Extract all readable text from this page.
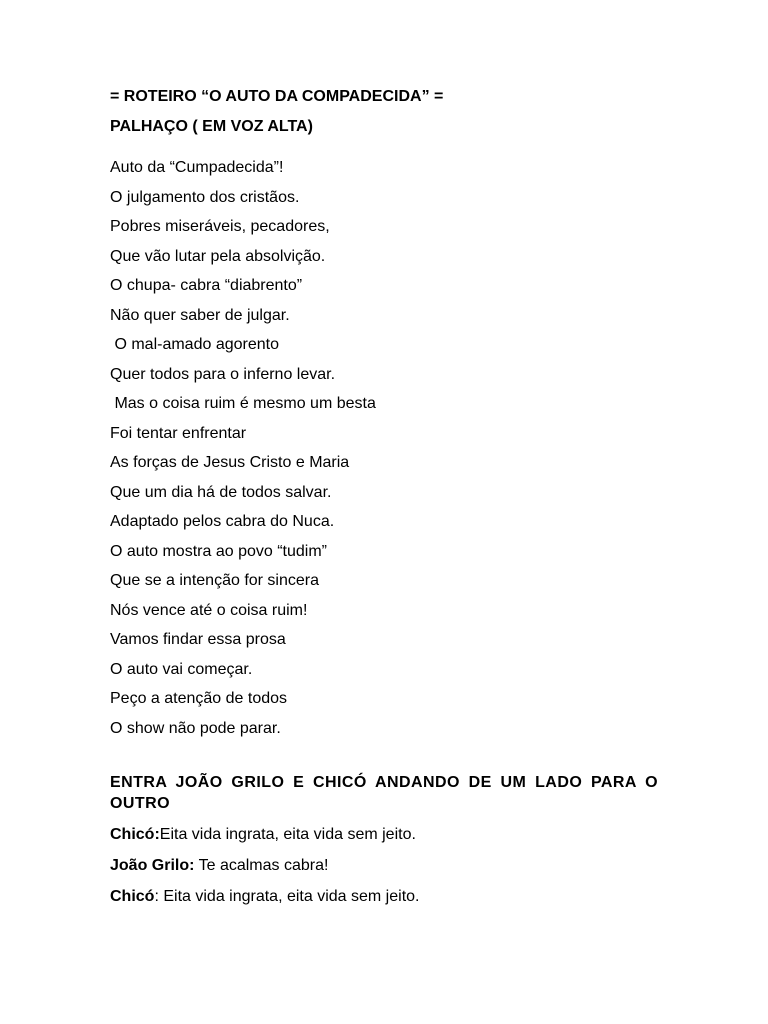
= ROTEIRO “O AUTO DA COMPADECIDA” =
PALHAÇO ( EM VOZ ALTA)
Auto da “Cumpadecida”!
O julgamento dos cristãos.
Pobres miseráveis, pecadores,
Que vão lutar pela absolvição.
O chupa- cabra “diabrento”
Não quer saber de julgar.
O mal-amado agorento
Quer todos para o inferno levar.
Mas o coisa ruim é mesmo um besta
Foi tentar enfrentar
As forças de Jesus Cristo e Maria
Que um dia há de todos salvar.
Adaptado pelos cabra do Nuca.
O auto mostra ao povo “tudim”
Que se a intenção for sincera
Nós vence até o coisa ruim!
Vamos findar essa prosa
O auto vai começar.
Peço a atenção de todos
O show não pode parar.
ENTRA JOÃO GRILO E CHICÓ ANDANDO DE UM LADO PARA O OUTRO
Chicó:Eita vida ingrata, eita vida sem jeito.
João Grilo: Te acalmas cabra!
Chicó: Eita vida ingrata, eita vida sem jeito.
